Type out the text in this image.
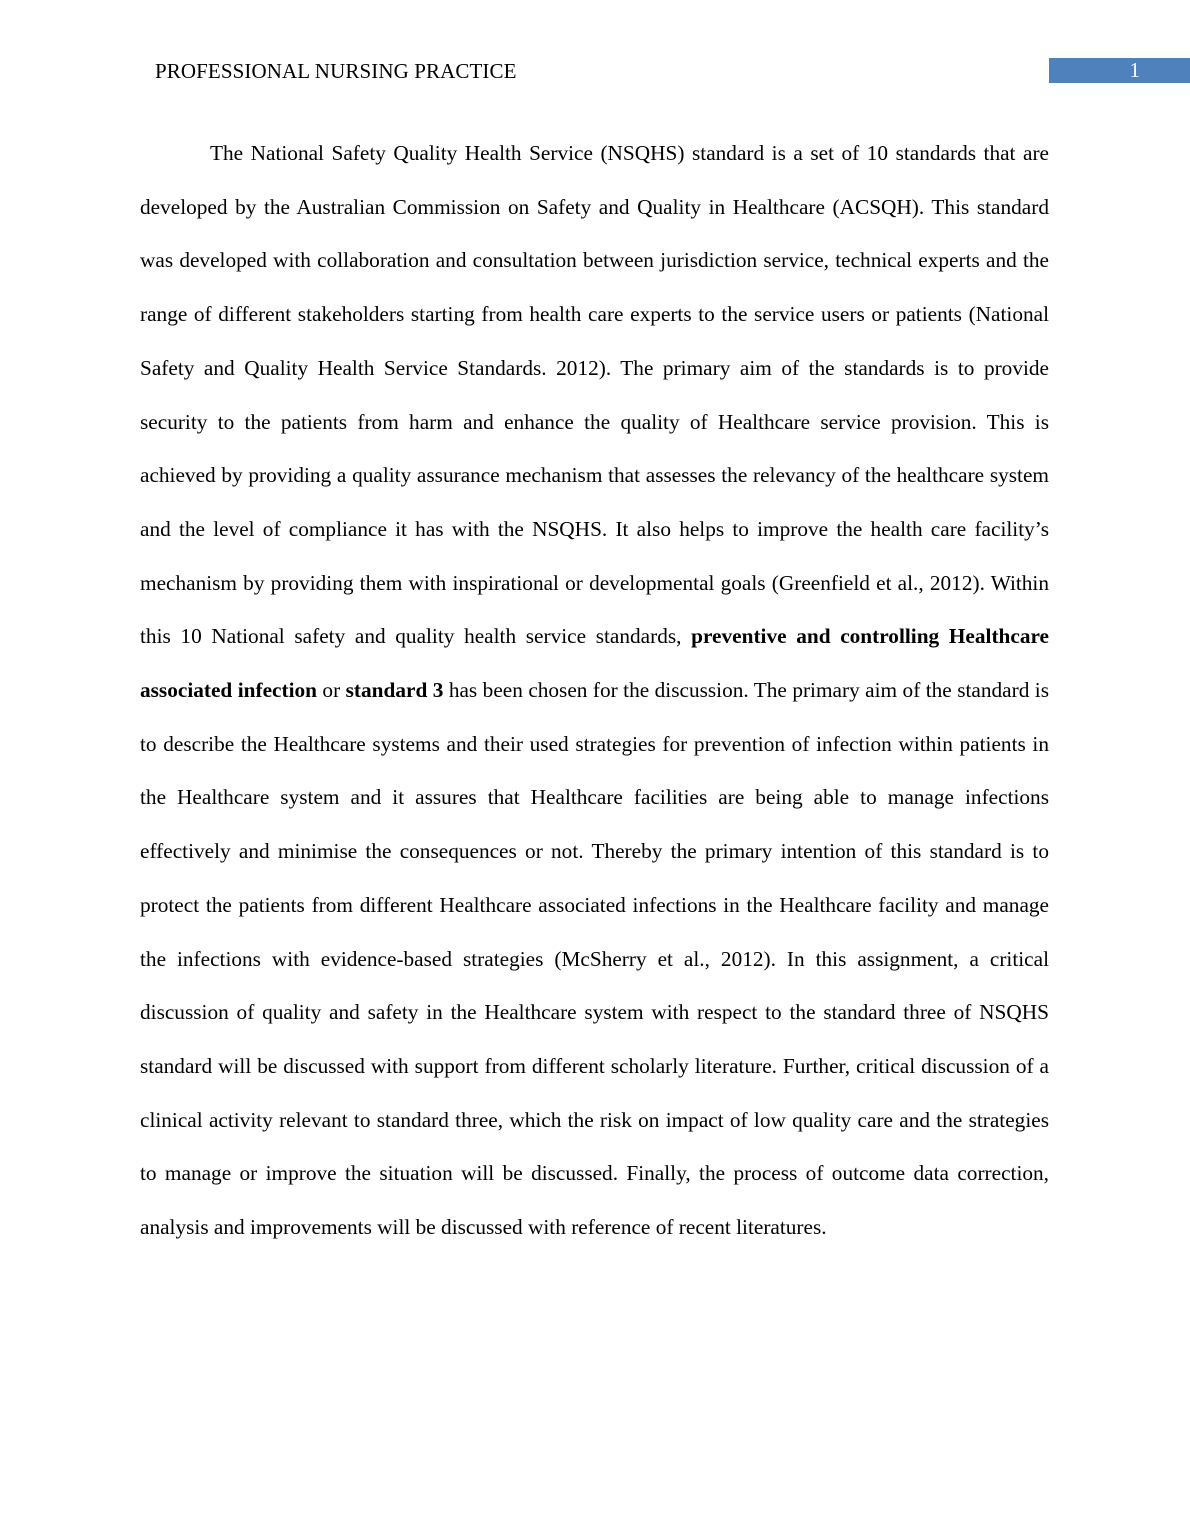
PROFESSIONAL NURSING PRACTICE	1

The National Safety Quality Health Service (NSQHS) standard is a set of 10 standards that are developed by the Australian Commission on Safety and Quality in Healthcare (ACSQH). This standard was developed with collaboration and consultation between jurisdiction service, technical experts and the range of different stakeholders starting from health care experts to the service users or patients (National Safety and Quality Health Service Standards. 2012). The primary aim of the standards is to provide security to the patients from harm and enhance the quality of Healthcare service provision. This is achieved by providing a quality assurance mechanism that assesses the relevancy of the healthcare system and the level of compliance it has with the NSQHS. It also helps to improve the health care facility’s mechanism by providing them with inspirational or developmental goals (Greenfield et al., 2012). Within this 10 National safety and quality health service standards, preventive and controlling Healthcare associated infection or standard 3 has been chosen for the discussion. The primary aim of the standard is to describe the Healthcare systems and their used strategies for prevention of infection within patients in the Healthcare system and it assures that Healthcare facilities are being able to manage infections effectively and minimise the consequences or not. Thereby the primary intention of this standard is to protect the patients from different Healthcare associated infections in the Healthcare facility and manage the infections with evidence-based strategies (McSherry et al., 2012). In this assignment, a critical discussion of quality and safety in the Healthcare system with respect to the standard three of NSQHS standard will be discussed with support from different scholarly literature. Further, critical discussion of a clinical activity relevant to standard three, which the risk on impact of low quality care and the strategies to manage or improve the situation will be discussed. Finally, the process of outcome data correction, analysis and improvements will be discussed with reference of recent literatures.
